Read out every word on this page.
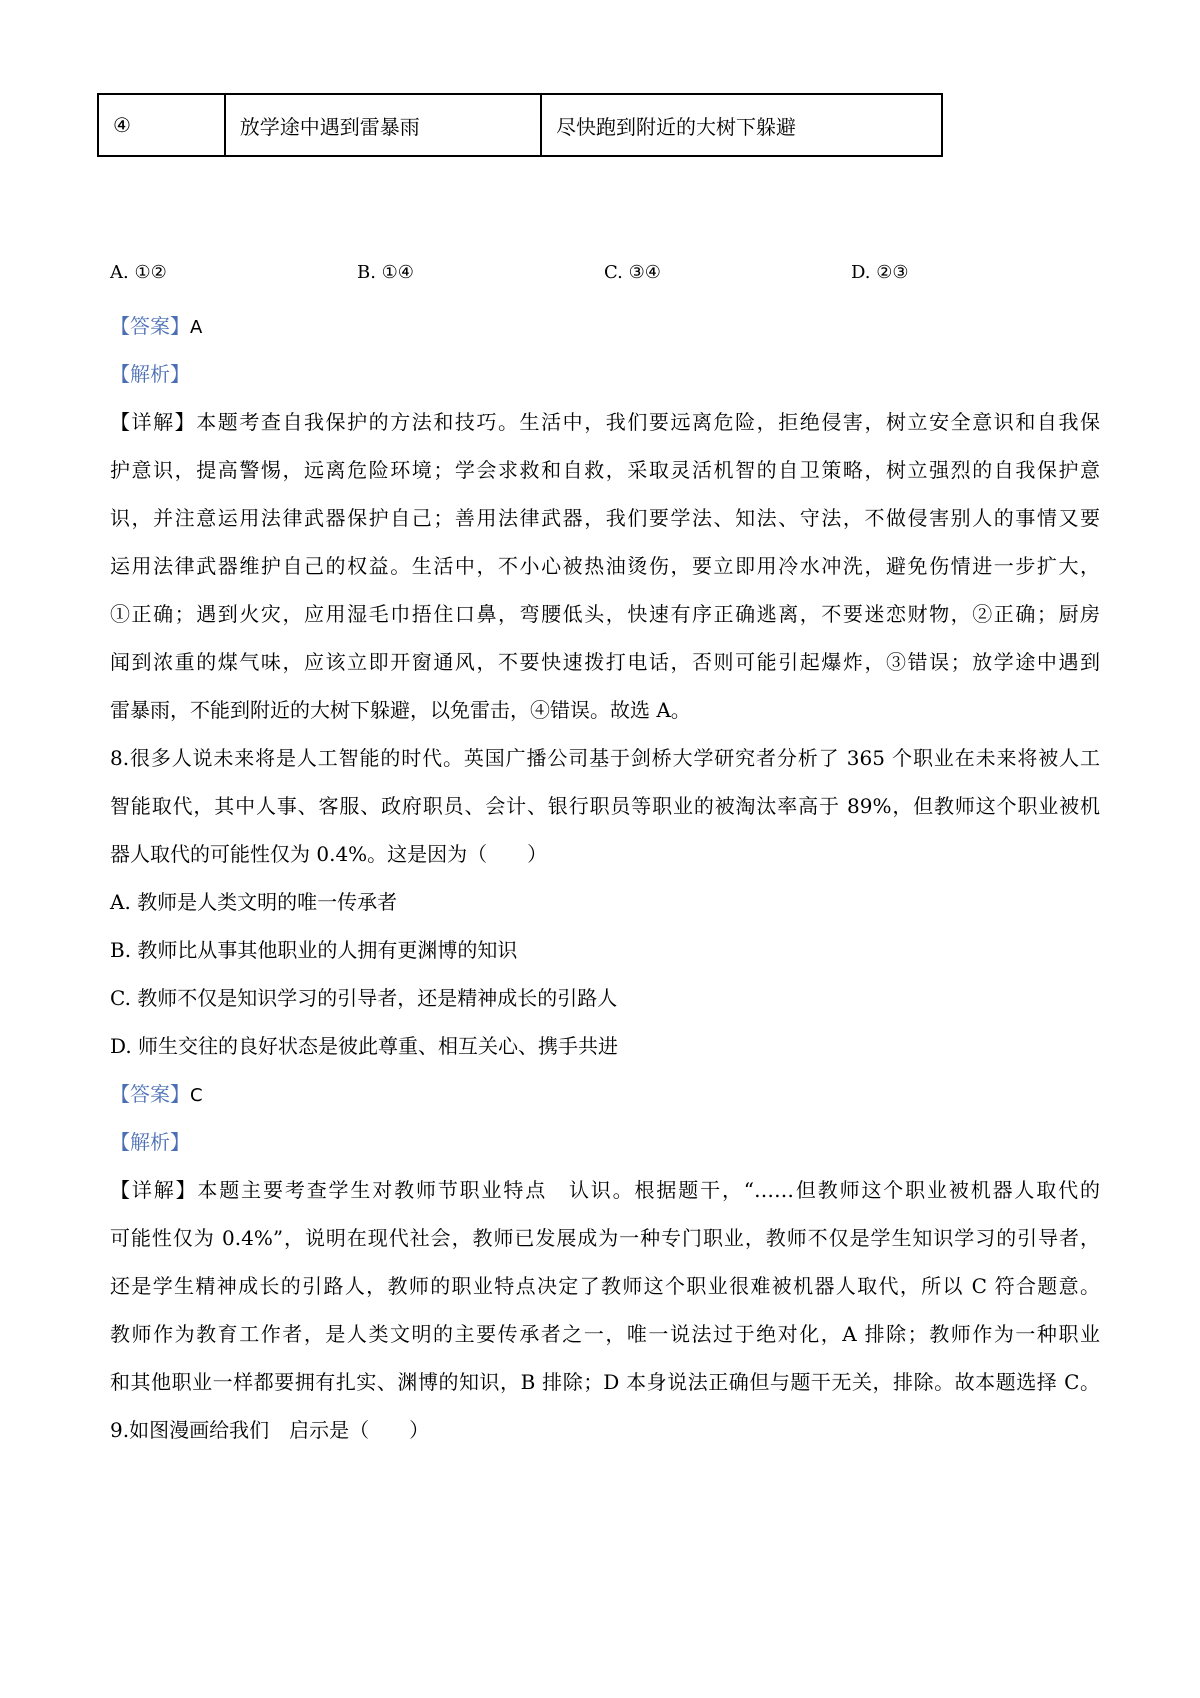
④	放学途中遇到雷暴雨	尽快跑到附近的大树下躲避
A. ①②	B. ①④	C. ③④	D. ②③
【答案】A
【解析】
【详解】本题考查自我保护的方法和技巧。生活中，我们要远离危险，拒绝侵害，树立安全意识和自我保
护意识，提高警惕，远离危险环境；学会求救和自救，采取灵活机智的自卫策略，树立强烈的自我保护意
识，并注意运用法律武器保护自己；善用法律武器，我们要学法、知法、守法，不做侵害别人的事情又要
运用法律武器维护自己的权益。生活中，不小心被热油烫伤，要立即用冷水冲洗，避免伤情进一步扩大，
①正确；遇到火灾，应用湿毛巾捂住口鼻，弯腰低头，快速有序正确逃离，不要迷恋财物，②正确；厨房
闻到浓重的煤气味，应该立即开窗通风，不要快速拨打电话，否则可能引起爆炸，③错误；放学途中遇到
雷暴雨，不能到附近的大树下躲避，以免雷击，④错误。故选 A。
8.很多人说未来将是人工智能的时代。英国广播公司基于剑桥大学研究者分析了 365 个职业在未来将被人工
智能取代，其中人事、客服、政府职员、会计、银行职员等职业的被淘汰率高于 89%，但教师这个职业被机
器人取代的可能性仅为 0.4%。这是因为（　　）
A. 教师是人类文明的唯一传承者
B. 教师比从事其他职业的人拥有更渊博的知识
C. 教师不仅是知识学习的引导者，还是精神成长的引路人
D. 师生交往的良好状态是彼此尊重、相互关心、携手共进
【答案】C
【解析】
【详解】本题主要考查学生对教师节职业特点　认识。根据题干，“……但教师这个职业被机器人取代的
可能性仅为 0.4%”，说明在现代社会，教师已发展成为一种专门职业，教师不仅是学生知识学习的引导者，
还是学生精神成长的引路人，教师的职业特点决定了教师这个职业很难被机器人取代，所以 C 符合题意。
教师作为教育工作者，是人类文明的主要传承者之一，唯一说法过于绝对化，A 排除；教师作为一种职业
和其他职业一样都要拥有扎实、渊博的知识，B 排除；D 本身说法正确但与题干无关，排除。故本题选择 C。
9.如图漫画给我们　启示是（　　）
